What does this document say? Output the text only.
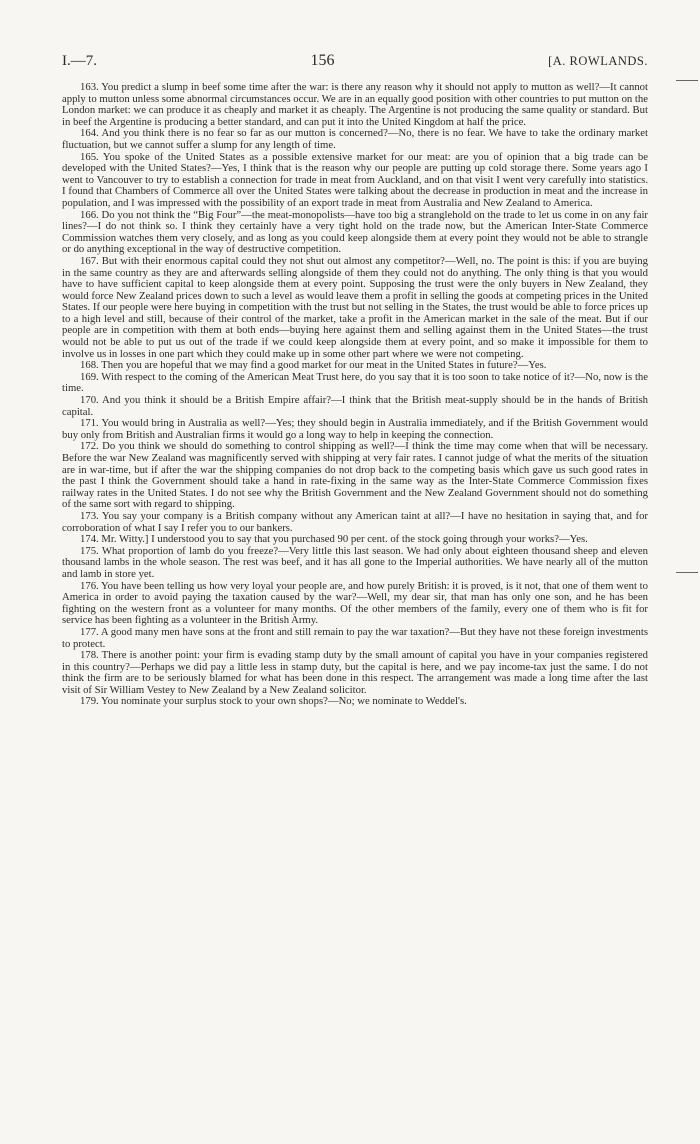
I.—7.	156	[A. ROWLANDS.

163. You predict a slump in beef some time after the war: is there any reason why it should not apply to mutton as well?—It cannot apply to mutton unless some abnormal circumstances occur. We are in an equally good position with other countries to put mutton on the London market: we can produce it as cheaply and market it as cheaply. The Argentine is not producing the same quality or standard. But in beef the Argentine is producing a better standard, and can put it into the United Kingdom at half the price.

164. And you think there is no fear so far as our mutton is concerned?—No, there is no fear. We have to take the ordinary market fluctuation, but we cannot suffer a slump for any length of time.

165. You spoke of the United States as a possible extensive market for our meat: are you of opinion that a big trade can be developed with the United States?—Yes, I think that is the reason why our people are putting up cold storage there. Some years ago I went to Vancouver to try to establish a connection for trade in meat from Auckland, and on that visit I went very carefully into statistics. I found that Chambers of Commerce all over the United States were talking about the decrease in production in meat and the increase in population, and I was impressed with the possibility of an export trade in meat from Australia and New Zealand to America.

166. Do you not think the “Big Four”—the meat-monopolists—have too big a stranglehold on the trade to let us come in on any fair lines?—I do not think so. I think they certainly have a very tight hold on the trade now, but the American Inter-State Commerce Commission watches them very closely, and as long as you could keep alongside them at every point they would not be able to strangle or do anything exceptional in the way of destructive competition.

167. But with their enormous capital could they not shut out almost any competitor?—Well, no. The point is this: if you are buying in the same country as they are and afterwards selling alongside of them they could not do anything. The only thing is that you would have to have sufficient capital to keep alongside them at every point. Supposing the trust were the only buyers in New Zealand, they would force New Zealand prices down to such a level as would leave them a profit in selling the goods at competing prices in the United States. If our people were here buying in competition with the trust but not selling in the States, the trust would be able to force prices up to a high level and still, because of their control of the market, take a profit in the American market in the sale of the meat. But if our people are in competition with them at both ends—buying here against them and selling against them in the United States—the trust would not be able to put us out of the trade if we could keep alongside them at every point, and so make it impossible for them to involve us in losses in one part which they could make up in some other part where we were not competing.

168. Then you are hopeful that we may find a good market for our meat in the United States in future?—Yes.

169. With respect to the coming of the American Meat Trust here, do you say that it is too soon to take notice of it?—No, now is the time.

170. And you think it should be a British Empire affair?—I think that the British meat-supply should be in the hands of British capital.

171. You would bring in Australia as well?—Yes; they should begin in Australia immediately, and if the British Government would buy only from British and Australian firms it would go a long way to help in keeping the connection.

172. Do you think we should do something to control shipping as well?—I think the time may come when that will be necessary. Before the war New Zealand was magnificently served with shipping at very fair rates. I cannot judge of what the merits of the situation are in war-time, but if after the war the shipping companies do not drop back to the competing basis which gave us such good rates in the past I think the Government should take a hand in rate-fixing in the same way as the Inter-State Commerce Commission fixes railway rates in the United States. I do not see why the British Government and the New Zealand Government should not do something of the same sort with regard to shipping.

173. You say your company is a British company without any American taint at all?—I have no hesitation in saying that, and for corroboration of what I say I refer you to our bankers.

174. Mr. Witty.] I understood you to say that you purchased 90 per cent. of the stock going through your works?—Yes.

175. What proportion of lamb do you freeze?—Very little this last season. We had only about eighteen thousand sheep and eleven thousand lambs in the whole season. The rest was beef, and it has all gone to the Imperial authorities. We have nearly all of the mutton and lamb in store yet.

176. You have been telling us how very loyal your people are, and how purely British: it is proved, is it not, that one of them went to America in order to avoid paying the taxation caused by the war?—Well, my dear sir, that man has only one son, and he has been fighting on the western front as a volunteer for many months. Of the other members of the family, every one of them who is fit for service has been fighting as a volunteer in the British Army.

177. A good many men have sons at the front and still remain to pay the war taxation?—But they have not these foreign investments to protect.

178. There is another point: your firm is evading stamp duty by the small amount of capital you have in your companies registered in this country?—Perhaps we did pay a little less in stamp duty, but the capital is here, and we pay income-tax just the same. I do not think the firm are to be seriously blamed for what has been done in this respect. The arrangement was made a long time after the last visit of Sir William Vestey to New Zealand by a New Zealand solicitor.

179. You nominate your surplus stock to your own shops?—No; we nominate to Weddel's.
